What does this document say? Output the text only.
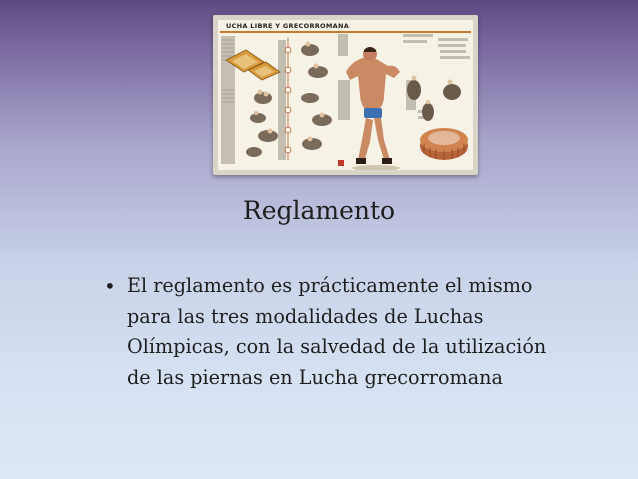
UCHA LIBRE Y GRECORROMANA
Reglamento
• El reglamento es prácticamente el mismo para las tres modalidades de Luchas Olímpicas, con la salvedad de la utilización de las piernas en Lucha grecorromana
